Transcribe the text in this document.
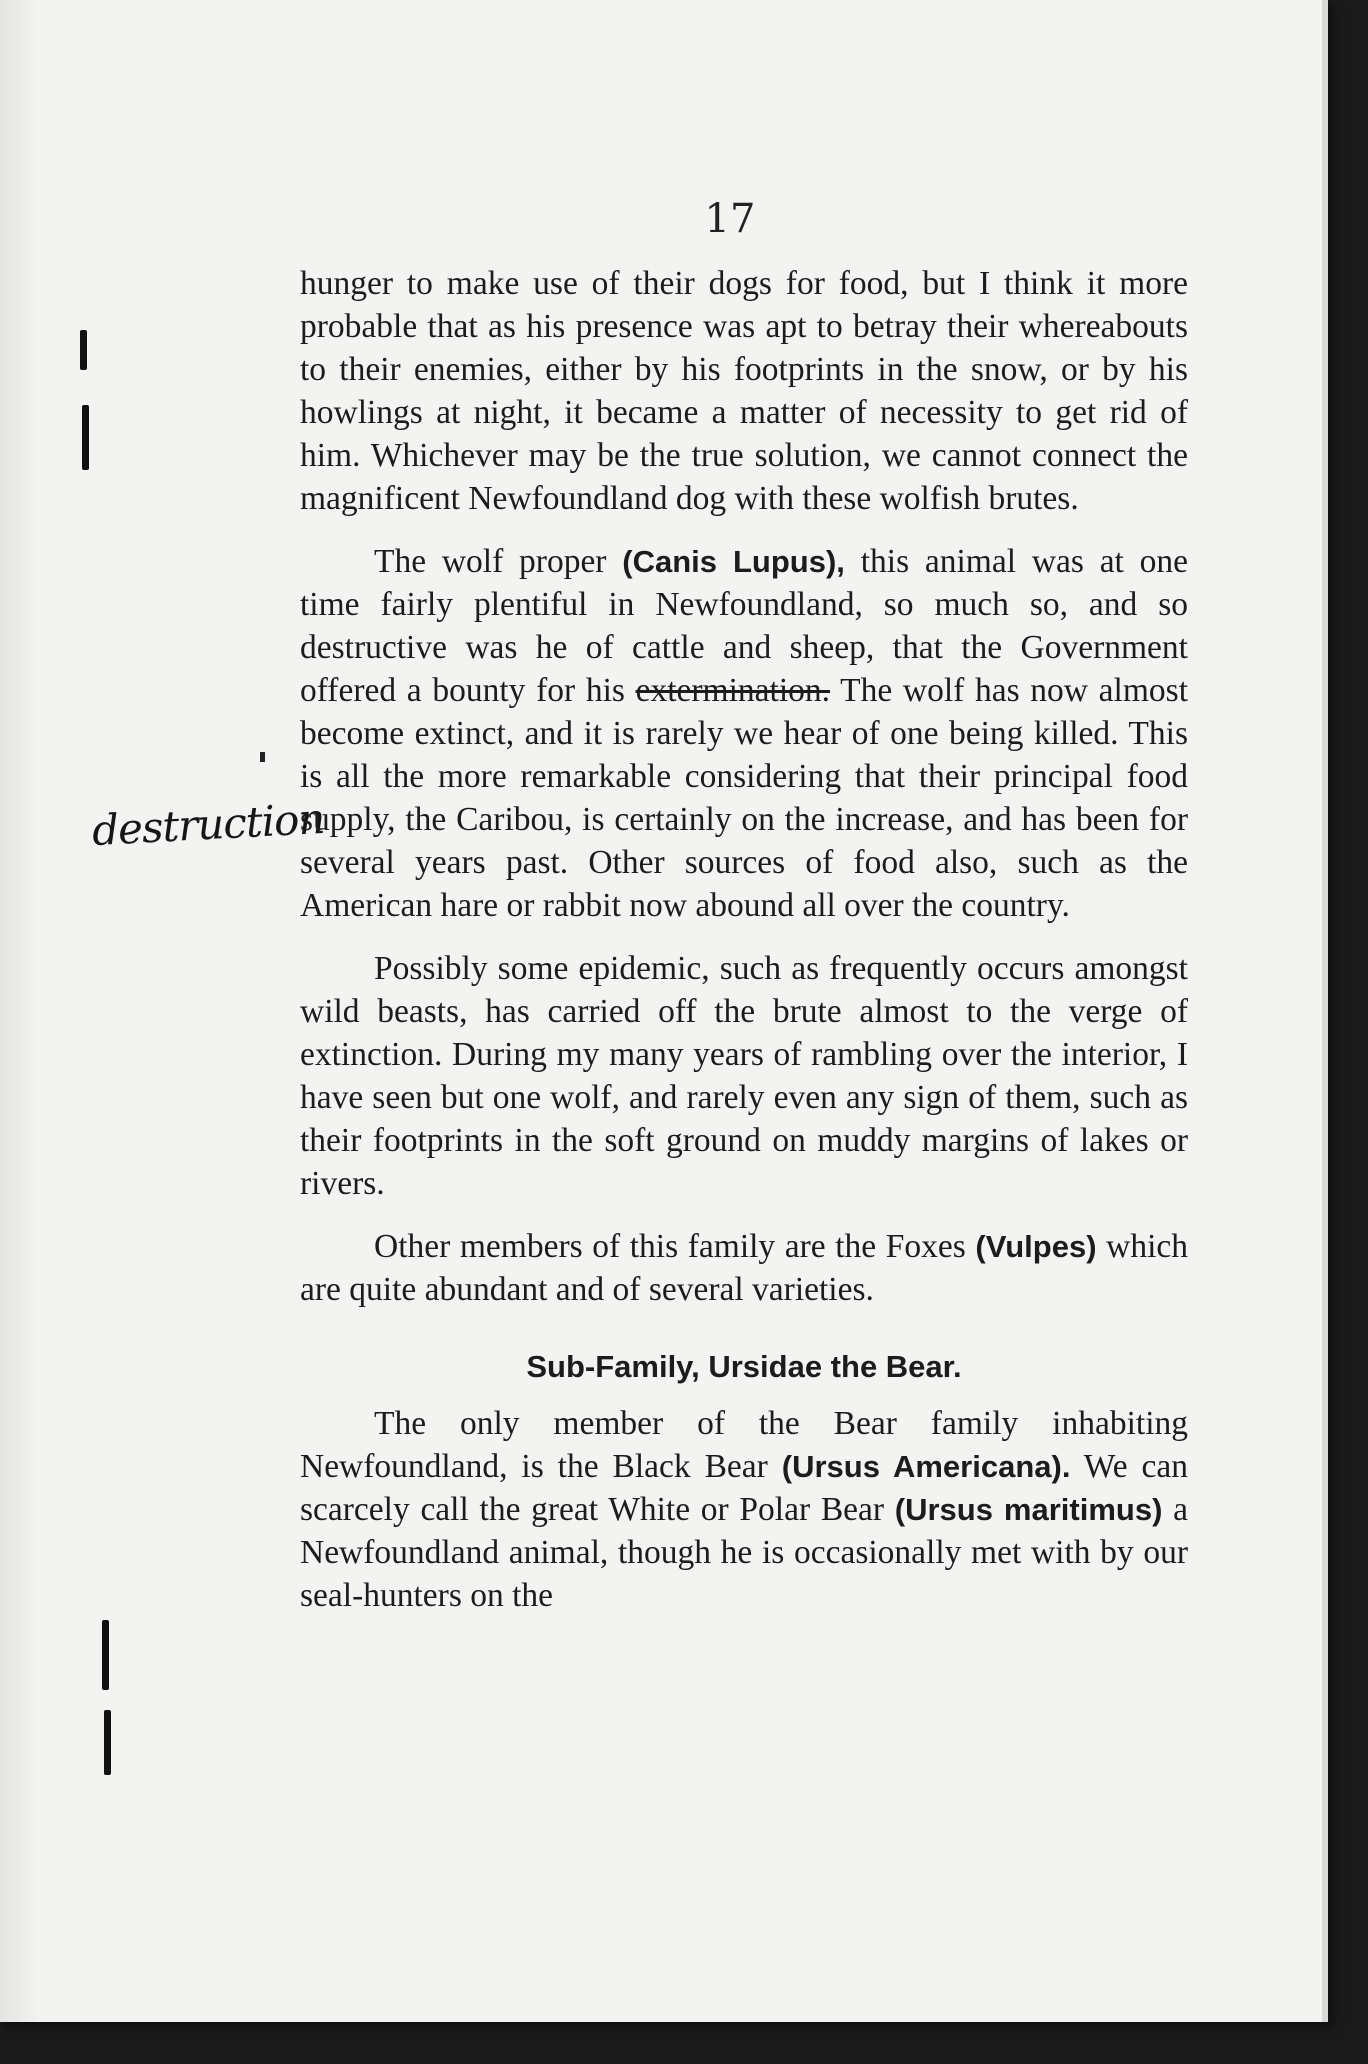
17
destruction

hunger to make use of their dogs for food, but I think it more probable that as his presence was apt to betray their whereabouts to their enemies, either by his footprints in the snow, or by his howlings at night, it became a matter of necessity to get rid of him. Whichever may be the true solution, we cannot connect the magnificent Newfoundland dog with these wolfish brutes.

The wolf proper (Canis Lupus), this animal was at one time fairly plentiful in Newfoundland, so much so, and so destructive was he of cattle and sheep, that the Government offered a bounty for his extermination. The wolf has now almost become extinct, and it is rarely we hear of one being killed. This is all the more remarkable considering that their principal food supply, the Caribou, is certainly on the increase, and has been for several years past. Other sources of food also, such as the American hare or rabbit now abound all over the country.

Possibly some epidemic, such as frequently occurs amongst wild beasts, has carried off the brute almost to the verge of extinction. During my many years of rambling over the interior, I have seen but one wolf, and rarely even any sign of them, such as their footprints in the soft ground on muddy margins of lakes or rivers.

Other members of this family are the Foxes (Vulpes) which are quite abundant and of several varieties.

Sub-Family, Ursidae the Bear.

The only member of the Bear family inhabiting Newfoundland, is the Black Bear (Ursus Americana). We can scarcely call the great White or Polar Bear (Ursus maritimus) a Newfoundland animal, though he is occasionally met with by our seal-hunters on the
